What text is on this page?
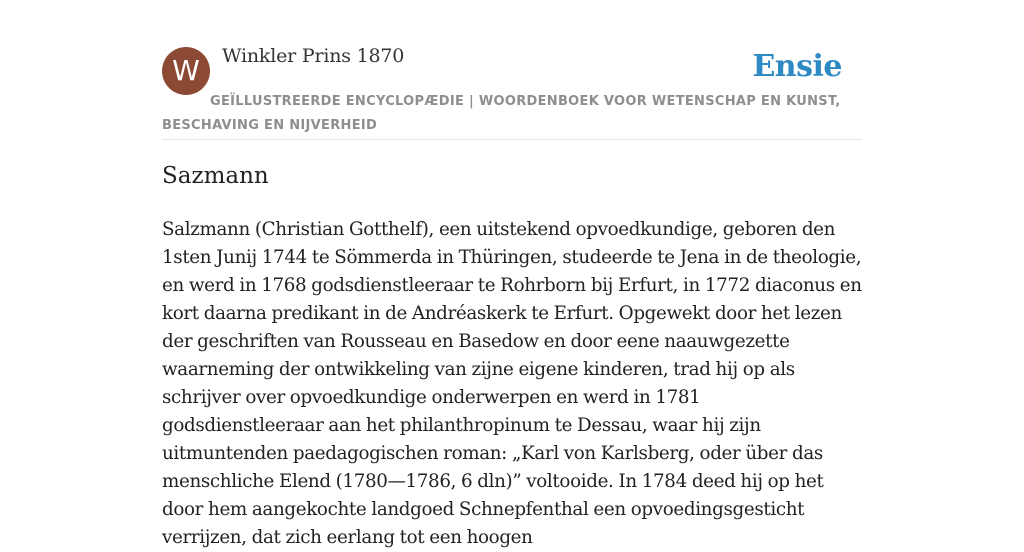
W	Winkler Prins 1870	Ensie
GEÏLLUSTREERDE ENCYCLOPÆDIE | WOORDENBOEK VOOR WETENSCHAP EN KUNST, BESCHAVING EN NIJVERHEID
Sazmann

Salzmann (Christian Gotthelf), een uitstekend opvoedkundige, geboren den 1sten Junij 1744 te Sömmerda in Thüringen, studeerde te Jena in de theologie, en werd in 1768 godsdienstleeraar te Rohrborn bij Erfurt, in 1772 diaconus en kort daarna predikant in de Andréaskerk te Erfurt. Opgewekt door het lezen der geschriften van Rousseau en Basedow en door eene naauwgezette waarneming der ontwikkeling van zijne eigene kinderen, trad hij op als schrijver over opvoedkundige onderwerpen en werd in 1781 godsdienstleeraar aan het philanthropinum te Dessau, waar hij zijn uitmuntenden paedagogischen roman: „Karl von Karlsberg, oder über das menschliche Elend (1780—1786, 6 dln)” voltooide. In 1784 deed hij op het door hem aangekochte landgoed Schnepfenthal een opvoedingsgesticht verrijzen, dat zich eerlang tot een hoogen
